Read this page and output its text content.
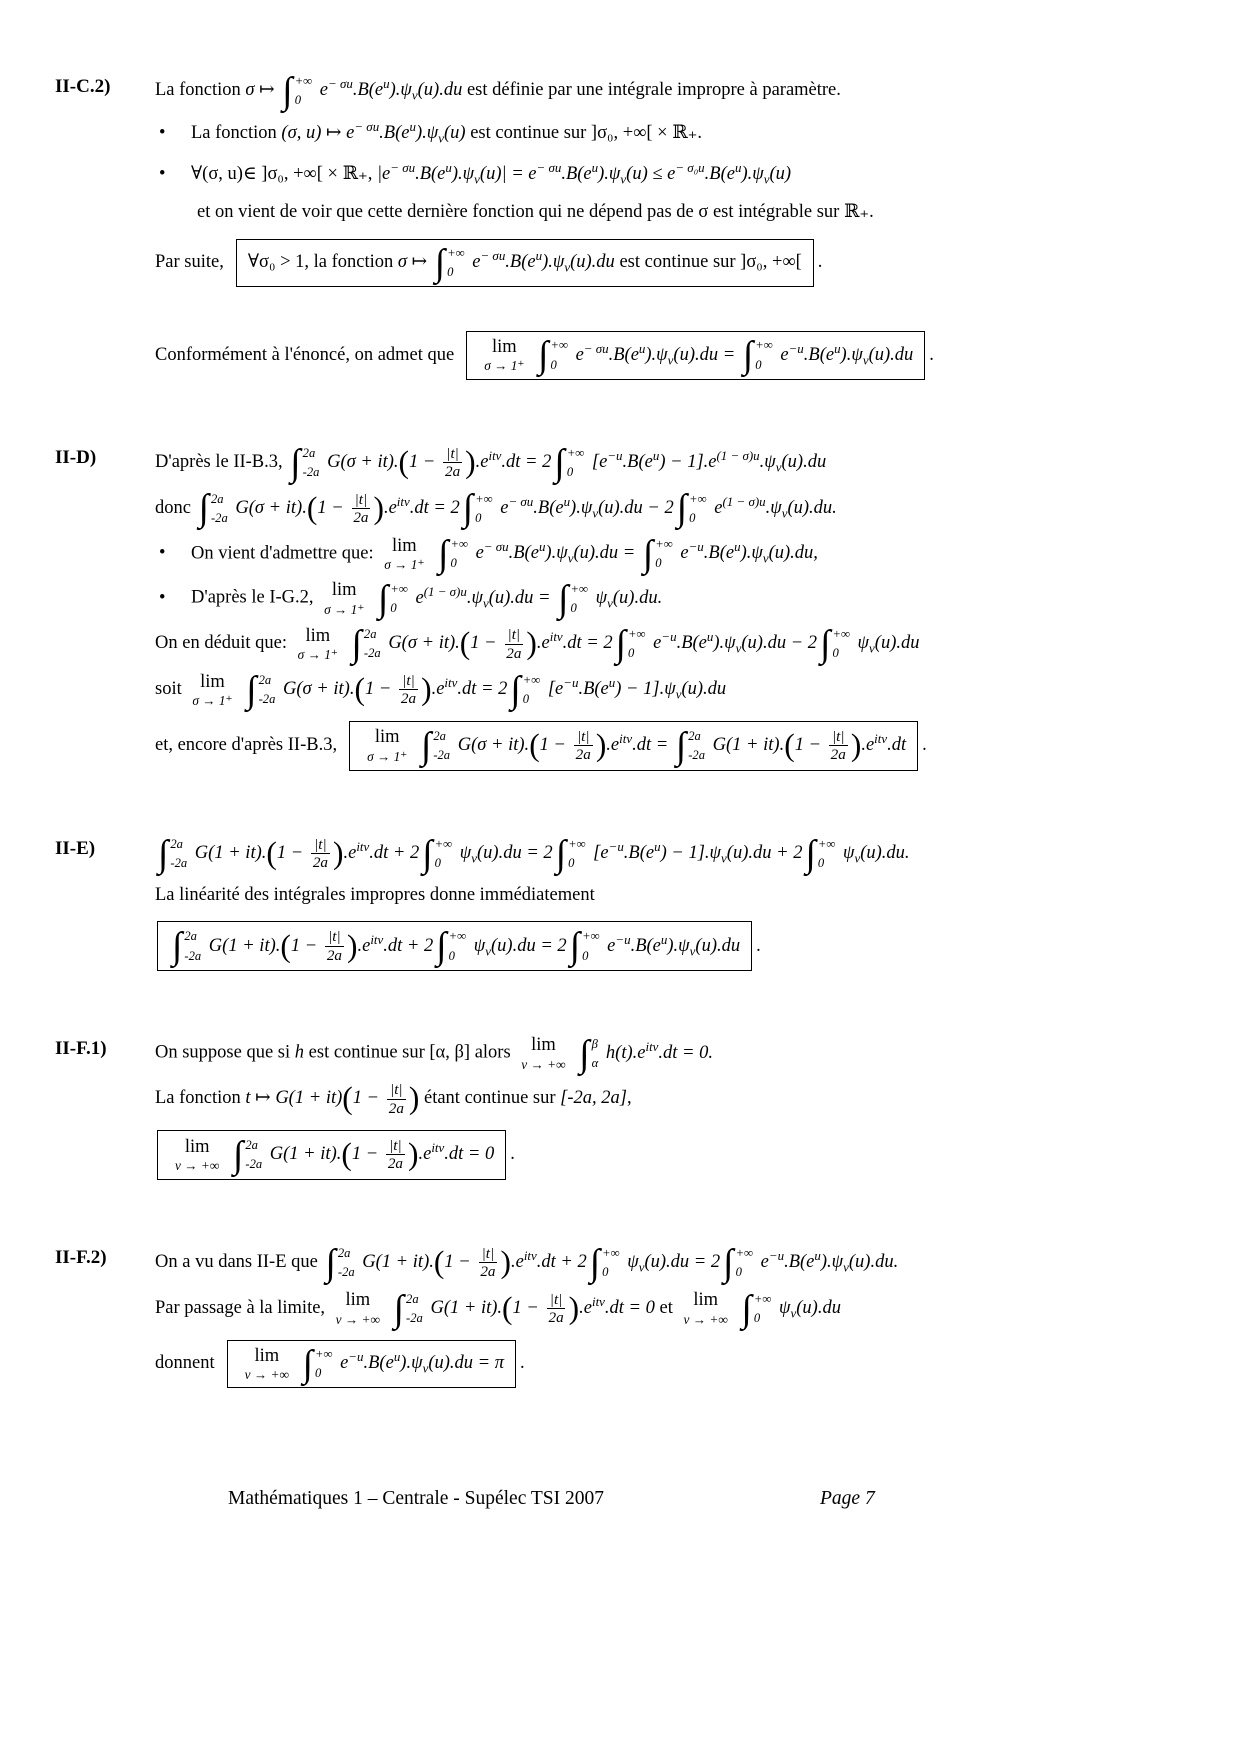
II-C.2)	La fonction σ ↦ ∫ +∞
0
$e^{- \sigma u}.B(e^u).\psi_v(u).du$ est définie par une intégrale impropre à paramètre.
• La fonction (σ, u) ↦ $e^{- \sigma u}.B(e^u).\psi_v(u)$ est continue sur ]σ₀, +∞[ × ℝ₊.
• ∀(σ, u)∈ ]σ₀, +∞[ × ℝ₊, $|e^{- \sigma u}.B(e^u).\psi_v(u)| = e^{- \sigma u}.B(e^u).\psi_v(u) \le e^{- \sigma_0u}.B(e^u).\psi_v(u)$
et on vient de voir que cette dernière fonction qui ne dépend pas de σ est intégrable sur ℝ₊.
Par suite, ∀σ₀ > 1, la fonction σ ↦ ∫ +∞
0
$e^{- \sigma u}.B(e^u).\psi_v(u).du$ est continue sur ]σ₀, +∞[ .
Conformément à l'énoncé, on admet que lim
σ → 1⁺
∫ +∞
0
$e^{- \sigma u}.B(e^u).\psi_v(u).du$ = ∫ +∞
0
$e^{-u}.B(e^u).\psi_v(u).du$ .
II-D)	D'après le II-B.3, ∫ 2a
-2a
$G(\sigma + it).(1 - \frac{|t|}{2a} ).e^{itv}.dt = 2$ ∫ +∞
0
$[e^{-u}.B(e^u) - 1].e^{(1 - \sigma)u}.\psi_v(u).du$
donc ∫ 2a
-2a
$G(\sigma + it).(1 - \frac{|t|}{2a} ).e^{itv}.dt = 2$ ∫ +∞
0
$e^{- \sigma u}.B(e^u).\psi_v(u).du - 2$ ∫ +∞
0
$e^{(1 - \sigma)u}.\psi_v(u).du$.
• On vient d'admettre que: lim
σ → 1⁺
∫ +∞
0
$e^{- \sigma u}.B(e^u).\psi_v(u).du$ = ∫ +∞
0
$e^{-u}.B(e^u).\psi_v(u).du$,
• D'après le I-G.2, lim
σ → 1⁺
∫ +∞
0
$e^{(1 - \sigma)u}.\psi_v(u).du$ = ∫ +∞
0
$\psi_v(u).du$.
On en déduit que: lim
σ → 1⁺
∫ 2a
-2a
$G(\sigma + it).(1 - \frac{|t|}{2a} ).e^{itv}.dt = 2$ ∫ +∞
0
$e^{-u}.B(e^u).\psi_v(u).du - 2$ ∫ +∞
0
$\psi_v(u).du$
soit lim
σ → 1⁺
∫ 2a
-2a
$G(\sigma + it).(1 - \frac{|t|}{2a} ).e^{itv}.dt = 2$ ∫ +∞
0
$[e^{-u}.B(e^u) - 1].\psi_v(u).du$
et, encore d'après II-B.3, lim
σ → 1⁺
∫ 2a
-2a
$G(\sigma + it).(1 - \frac{|t|}{2a} ).e^{itv}.dt$ = ∫ 2a
-2a
$G(1 + it).(1 - \frac{|t|}{2a} ).e^{itv}.dt$ .
II-E)	∫ 2a
-2a
$G(1 + it).(1 - \frac{|t|}{2a} ).e^{itv}.dt + 2$ ∫ +∞
0
$\psi_v(u).du = 2$ ∫ +∞
0
$[e^{-u}.B(e^u) - 1].\psi_v(u).du + 2$ ∫ +∞
0
$\psi_v(u).du$.
La linéarité des intégrales impropres donne immédiatement
∫ 2a
-2a
$G(1 + it).(1 - \frac{|t|}{2a} ).e^{itv}.dt + 2$ ∫ +∞
0
$\psi_v(u).du = 2$ ∫ +∞
0
$e^{-u}.B(e^u).\psi_v(u).du$ .
II-F.1)	On suppose que si h est continue sur [α, β] alors lim
v → +∞
∫ β
α
$h(t).e^{itv}.dt = 0$.
La fonction t ↦ $G(1 + it)(1 - \frac{|t|}{2a}$ ) étant continue sur [-2a, 2a],
lim
v → +∞
∫ 2a
-2a
$G(1 + it).(1 - \frac{|t|}{2a} ).e^{itv}.dt = 0$ .
II-F.2)	On a vu dans II-E que ∫ 2a
-2a
$G(1 + it).(1 - \frac{|t|}{2a} ).e^{itv}.dt + 2$ ∫ +∞
0
$\psi_v(u).du = 2$ ∫ +∞
0
$e^{-u}.B(e^u).\psi_v(u).du$.
Par passage à la limite, lim
v → +∞
∫ 2a
-2a
$G(1 + it).(1 - \frac{|t|}{2a} ).e^{itv}.dt = 0$ et lim
v → +∞
∫ +∞
0
$\psi_v(u).du$
donnent lim
v → +∞
∫ +∞
0
$e^{-u}.B(e^u).\psi_v(u).du = \pi$ .
Mathématiques 1 – Centrale - Supélec TSI 2007	Page 7
